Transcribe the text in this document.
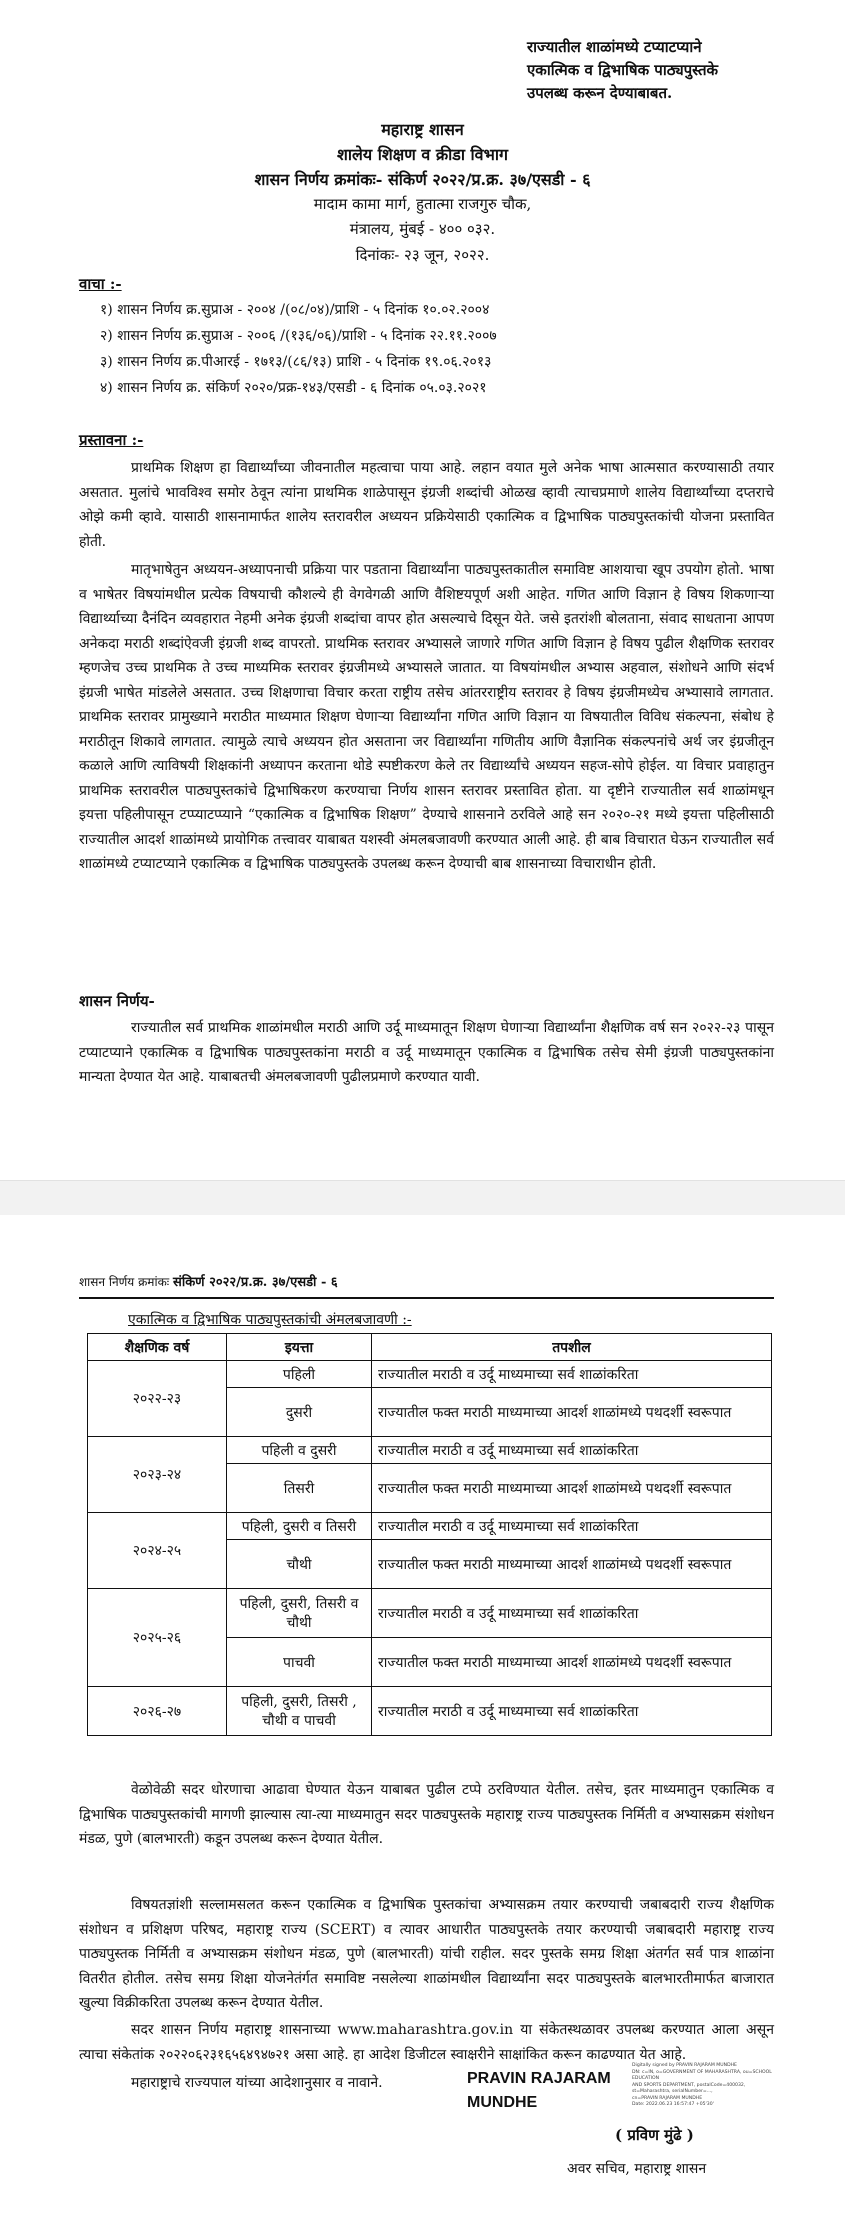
राज्यातील शाळांमध्ये टप्याटप्याने
एकात्मिक व द्विभाषिक पाठ्यपुस्तके
उपलब्ध करून देण्याबाबत.
महाराष्ट्र शासन
शालेय शिक्षण व क्रीडा विभाग
शासन निर्णय क्रमांकः- संकिर्ण २०२२/प्र.क्र. ३७/एसडी - ६
मादाम कामा मार्ग, हुतात्मा राजगुरु चौक,
मंत्रालय, मुंबई - ४०० ०३२.
दिनांकः- २३ जून, २०२२.
वाचा :-
१) शासन निर्णय क्र.सुप्राअ - २००४ /(०८/०४)/प्राशि - ५ दिनांक १०.०२.२००४
२) शासन निर्णय क्र.सुप्राअ - २००६ /(१३६/०६)/प्राशि - ५ दिनांक २२.११.२००७
३) शासन निर्णय क्र.पीआरई - १७१३/(८६/१३) प्राशि - ५ दिनांक १९.०६.२०१३
४) शासन निर्णय क्र. संकिर्ण २०२०/प्रक्र-१४३/एसडी - ६ दिनांक ०५.०३.२०२१
प्रस्तावना :-
प्राथमिक शिक्षण हा विद्यार्थ्यांच्या जीवनातील महत्वाचा पाया आहे. लहान वयात मुले अनेक भाषा आत्मसात करण्यासाठी तयार असतात. मुलांचे भावविश्व समोर ठेवून त्यांना प्राथमिक शाळेपासून इंग्रजी शब्दांची ओळख व्हावी त्याचप्रमाणे शालेय विद्यार्थ्यांच्या दप्तराचे ओझे कमी व्हावे. यासाठी शासनामार्फत शालेय स्तरावरील अध्ययन प्रक्रियेसाठी एकात्मिक व द्विभाषिक पाठ्यपुस्तकांची योजना प्रस्तावित होती.
मातृभाषेतुन अध्ययन-अध्यापनाची प्रक्रिया पार पडताना विद्यार्थ्यांना पाठ्यपुस्तकातील समाविष्ट आशयाचा खूप उपयोग होतो. भाषा व भाषेतर विषयांमधील प्रत्येक विषयाची कौशल्ये ही वेगवेगळी आणि वैशिष्टयपूर्ण अशी आहेत. गणित आणि विज्ञान हे विषय शिकणाऱ्या विद्यार्थ्याच्या दैनंदिन व्यवहारात नेहमी अनेक इंग्रजी शब्दांचा वापर होत असल्याचे दिसून येते. जसे इतरांशी बोलताना, संवाद साधताना आपण अनेकदा मराठी शब्दांऐवजी इंग्रजी शब्द वापरतो. प्राथमिक स्तरावर अभ्यासले जाणारे गणित आणि विज्ञान हे विषय पुढील शैक्षणिक स्तरावर म्हणजेच उच्च प्राथमिक ते उच्च माध्यमिक स्तरावर इंग्रजीमध्ये अभ्यासले जातात. या विषयांमधील अभ्यास अहवाल, संशोधने आणि संदर्भ इंग्रजी भाषेत मांडलेले असतात. उच्च शिक्षणाचा विचार करता राष्ट्रीय तसेच आंतरराष्ट्रीय स्तरावर हे विषय इंग्रजीमध्येच अभ्यासावे लागतात. प्राथमिक स्तरावर प्रामुख्याने मराठीत माध्यमात शिक्षण घेणाऱ्या विद्यार्थ्यांना गणित आणि विज्ञान या विषयातील विविध संकल्पना, संबोध हे मराठीतून शिकावे लागतात. त्यामुळे त्याचे अध्ययन होत असताना जर विद्यार्थ्यांना गणितीय आणि वैज्ञानिक संकल्पनांचे अर्थ जर इंग्रजीतून कळाले आणि त्याविषयी शिक्षकांनी अध्यापन करताना थोडे स्पष्टीकरण केले तर विद्यार्थ्यांचे अध्ययन सहज-सोपे होईल. या विचार प्रवाहातुन प्राथमिक स्तरावरील पाठ्यपुस्तकांचे द्विभाषिकरण करण्याचा निर्णय शासन स्तरावर प्रस्तावित होता. या दृष्टीने राज्यातील सर्व शाळांमधून इयत्ता पहिलीपासून टप्प्याटप्प्याने “एकात्मिक व द्विभाषिक शिक्षण” देण्याचे शासनाने ठरविले आहे सन २०२०-२१ मध्ये इयत्ता पहिलीसाठी राज्यातील आदर्श शाळांमध्ये प्रायोगिक तत्त्वावर याबाबत यशस्वी अंमलबजावणी करण्यात आली आहे. ही बाब विचारात घेऊन राज्यातील सर्व शाळांमध्ये टप्याटप्याने एकात्मिक व द्विभाषिक पाठ्यपुस्तके उपलब्ध करून देण्याची बाब शासनाच्या विचाराधीन होती.
शासन निर्णय-
राज्यातील सर्व प्राथमिक शाळांमधील मराठी आणि उर्दू माध्यमातून शिक्षण घेणाऱ्या विद्यार्थ्यांना शैक्षणिक वर्ष सन २०२२-२३ पासून टप्याटप्याने एकात्मिक व द्विभाषिक पाठ्यपुस्तकांना मराठी व उर्दू माध्यमातून एकात्मिक व द्विभाषिक तसेच सेमी इंग्रजी पाठ्यपुस्तकांना मान्यता देण्यात येत आहे. याबाबतची अंमलबजावणी पुढीलप्रमाणे करण्यात यावी.
शासन निर्णय क्रमांकः संकिर्ण २०२२/प्र.क्र. ३७/एसडी - ६
एकात्मिक व द्विभाषिक पाठ्यपुस्तकांची अंमलबजावणी :-
शैक्षणिक वर्ष	इयत्ता	तपशील
२०२२-२३	पहिली	राज्यातील मराठी व उर्दू माध्यमाच्या सर्व शाळांकरिता
	दुसरी	राज्यातील फक्त मराठी माध्यमाच्या आदर्श शाळांमध्ये पथदर्शी स्वरूपात
२०२३-२४	पहिली व दुसरी	राज्यातील मराठी व उर्दू माध्यमाच्या सर्व शाळांकरिता
	तिसरी	राज्यातील फक्त मराठी माध्यमाच्या आदर्श शाळांमध्ये पथदर्शी स्वरूपात
२०२४-२५	पहिली, दुसरी व तिसरी	राज्यातील मराठी व उर्दू माध्यमाच्या सर्व शाळांकरिता
	चौथी	राज्यातील फक्त मराठी माध्यमाच्या आदर्श शाळांमध्ये पथदर्शी स्वरूपात
२०२५-२६	पहिली, दुसरी, तिसरी व चौथी	राज्यातील मराठी व उर्दू माध्यमाच्या सर्व शाळांकरिता
	पाचवी	राज्यातील फक्त मराठी माध्यमाच्या आदर्श शाळांमध्ये पथदर्शी स्वरूपात
२०२६-२७	पहिली, दुसरी, तिसरी , चौथी व पाचवी	राज्यातील मराठी व उर्दू माध्यमाच्या सर्व शाळांकरिता
वेळोवेळी सदर धोरणाचा आढावा घेण्यात येऊन याबाबत पुढील टप्पे ठरविण्यात येतील. तसेच, इतर माध्यमातुन एकात्मिक व द्विभाषिक पाठ्यपुस्तकांची मागणी झाल्यास त्या-त्या माध्यमातुन सदर पाठ्यपुस्तके महाराष्ट्र राज्य पाठ्यपुस्तक निर्मिती व अभ्यासक्रम संशोधन मंडळ, पुणे (बालभारती) कडून उपलब्ध करून देण्यात येतील.
विषयतज्ञांशी सल्लामसलत करून एकात्मिक व द्विभाषिक पुस्तकांचा अभ्यासक्रम तयार करण्याची जबाबदारी राज्य शैक्षणिक संशोधन व प्रशिक्षण परिषद, महाराष्ट्र राज्य (SCERT) व त्यावर आधारीत पाठ्यपुस्तके तयार करण्याची जबाबदारी महाराष्ट्र राज्य पाठ्यपुस्तक निर्मिती व अभ्यासक्रम संशोधन मंडळ, पुणे (बालभारती) यांची राहील. सदर पुस्तके समग्र शिक्षा अंतर्गत सर्व पात्र शाळांना वितरीत होतील. तसेच समग्र शिक्षा योजनेतंर्गत समाविष्ट नसलेल्या शाळांमधील विद्यार्थ्यांना सदर पाठ्यपुस्तके बालभारतीमार्फत बाजारात खुल्या विक्रीकरिता उपलब्ध करून देण्यात येतील.
PRAVIN RAJARAM
MUNDHE
Digitally signed by PRAVIN RAJARAM MUNDHE
DN: c=IN, o=GOVERNMENT OF MAHARASHTRA, ou=SCHOOL EDUCATION
AND SPORTS DEPARTMENT, postalCode=400032,
st=Maharashtra, serialNumber=...,
cn=PRAVIN RAJARAM MUNDHE
Date: 2022.06.23 16:57:47 +05'30'
( प्रविण मुंढे )
अवर सचिव, महाराष्ट्र शासन
सदर शासन निर्णय महाराष्ट्र शासनाच्या www.maharashtra.gov.in या संकेतस्थळावर उपलब्ध करण्यात आला असून त्याचा संकेतांक २०२२०६२३१६५६४९४७२१ असा आहे. हा आदेश डिजीटल स्वाक्षरीने साक्षांकित करून काढण्यात येत आहे.
महाराष्ट्राचे राज्यपाल यांच्या आदेशानुसार व नावाने.
